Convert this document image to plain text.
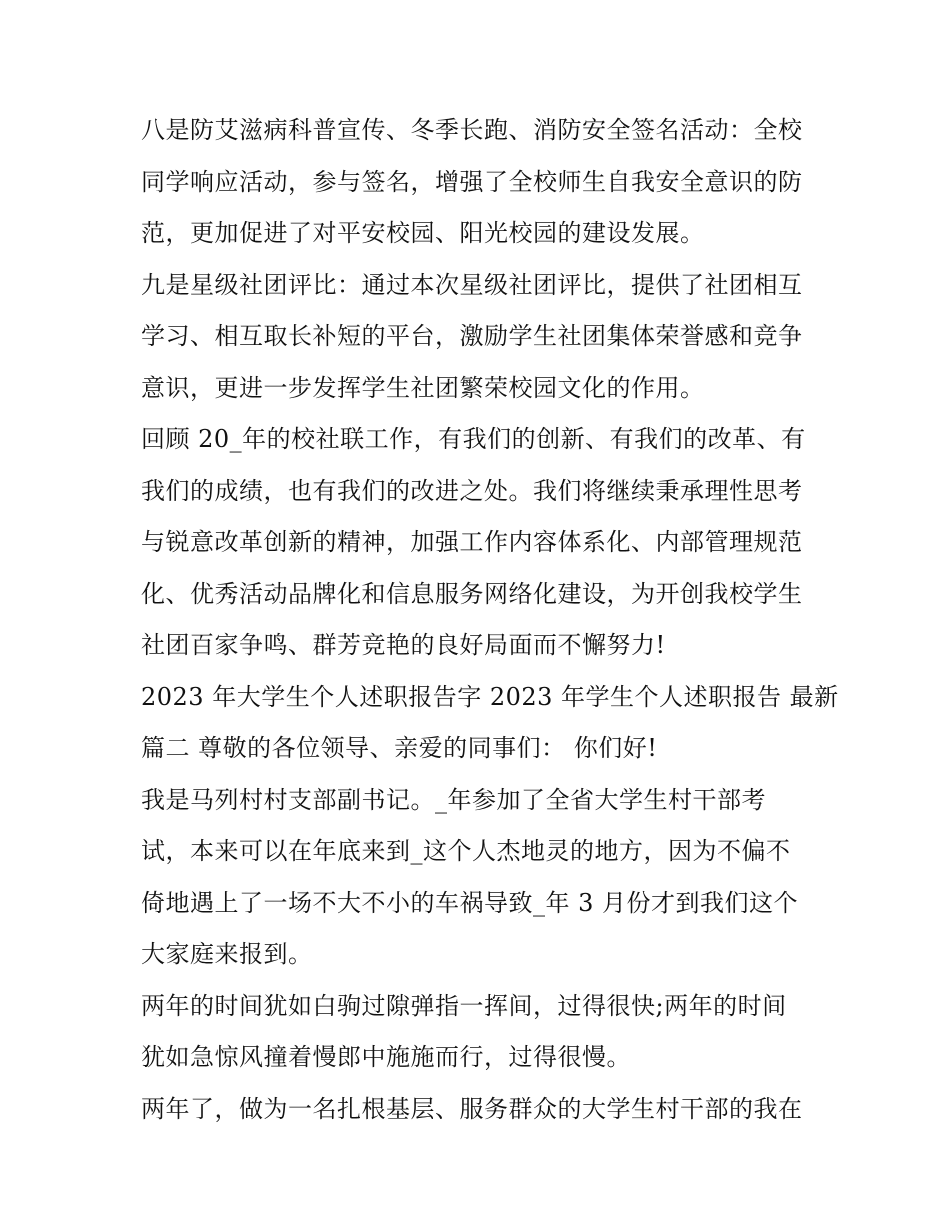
八是防艾滋病科普宣传、冬季长跑、消防安全签名活动：全校
同学响应活动，参与签名，增强了全校师生自我安全意识的防
范，更加促进了对平安校园、阳光校园的建设发展。
九是星级社团评比：通过本次星级社团评比，提供了社团相互
学习、相互取长补短的平台，激励学生社团集体荣誉感和竞争
意识，更进一步发挥学生社团繁荣校园文化的作用。
回顾 20_年的校社联工作，有我们的创新、有我们的改革、有
我们的成绩，也有我们的改进之处。我们将继续秉承理性思考
与锐意改革创新的精神，加强工作内容体系化、内部管理规范
化、优秀活动品牌化和信息服务网络化建设，为开创我校学生
社团百家争鸣、群芳竞艳的良好局面而不懈努力!
2023 年大学生个人述职报告字 2023 年学生个人述职报告 最新
篇二 尊敬的各位领导、亲爱的同事们： 你们好!
我是马列村村支部副书记。_年参加了全省大学生村干部考
试，本来可以在年底来到_这个人杰地灵的地方，因为不偏不
倚地遇上了一场不大不小的车祸导致_年 3 月份才到我们这个
大家庭来报到。
两年的时间犹如白驹过隙弹指一挥间，过得很快;两年的时间
犹如急惊风撞着慢郎中施施而行，过得很慢。
两年了，做为一名扎根基层、服务群众的大学生村干部的我在
